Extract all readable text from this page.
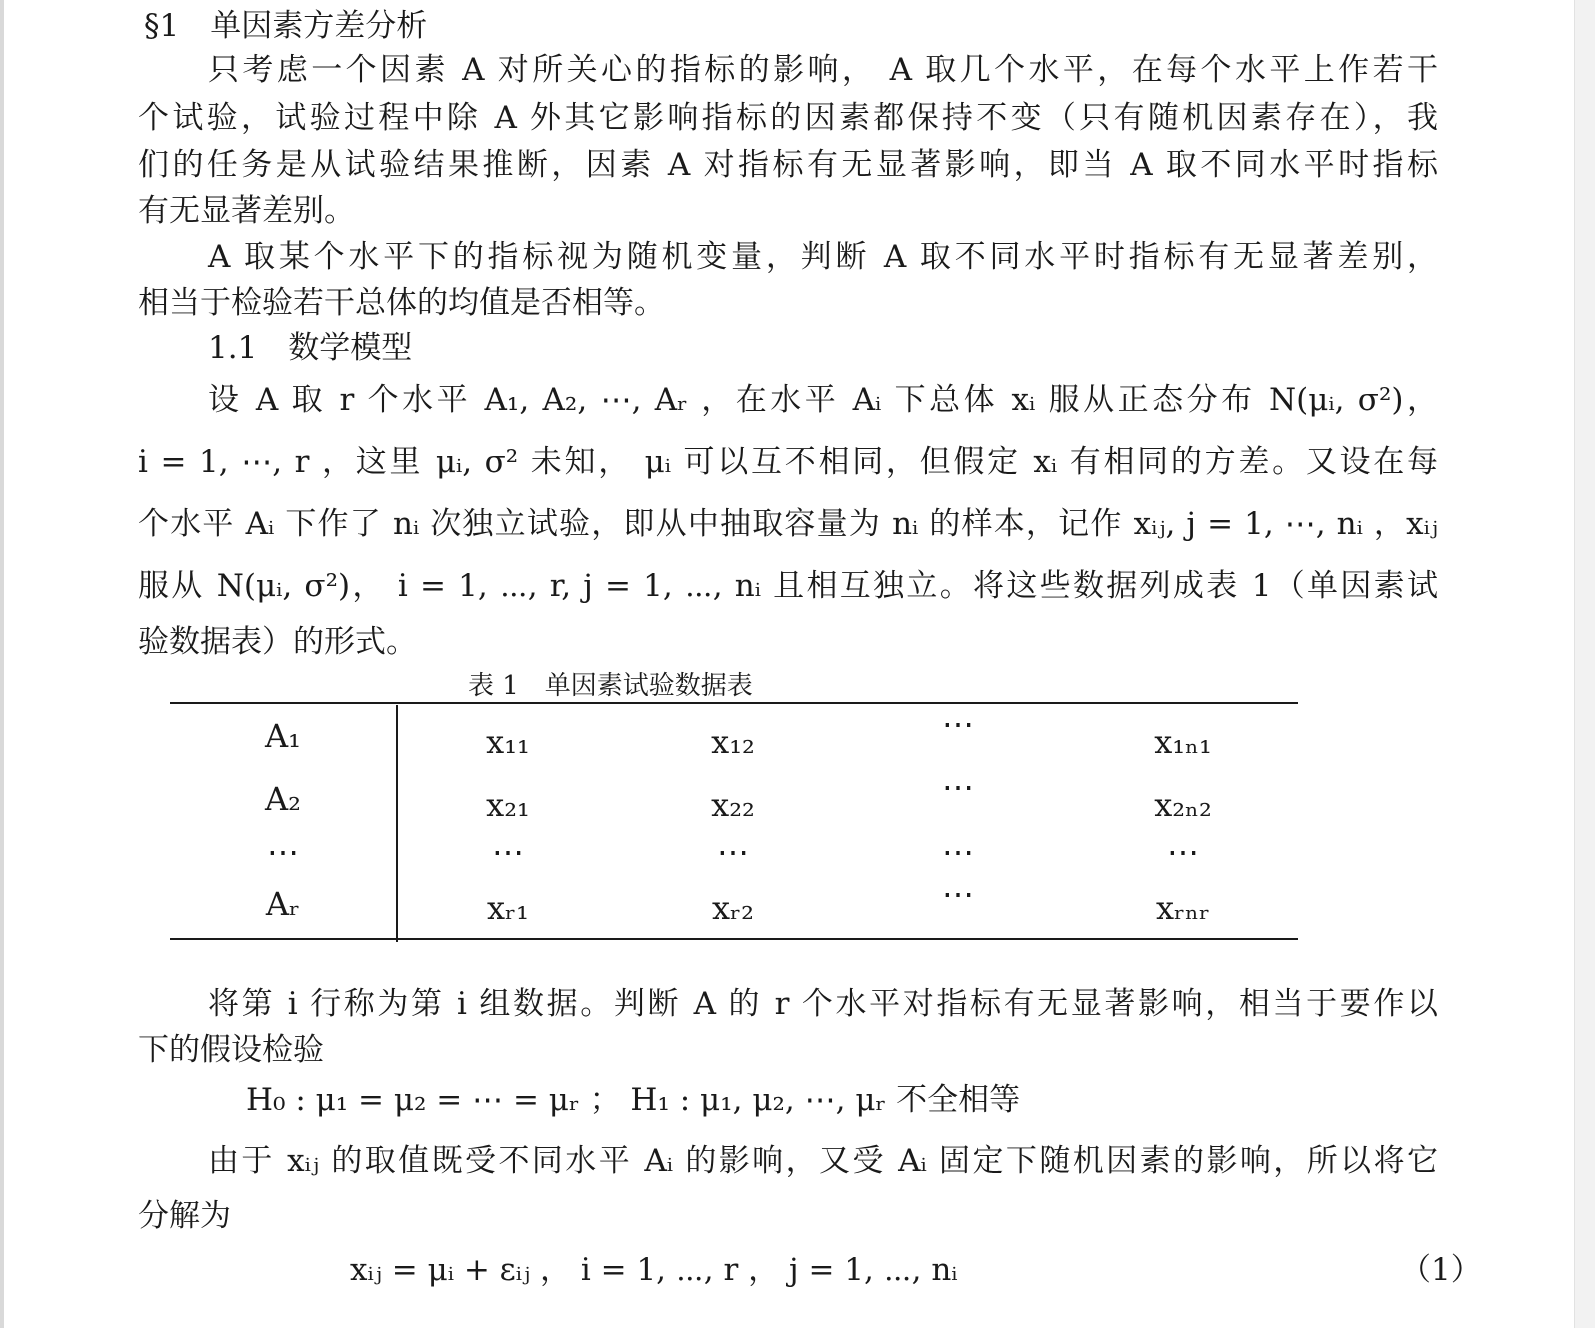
§1　单因素方差分析
只考虑一个因素 A 对所关心的指标的影响， A 取几个水平，在每个水平上作若干
个试验，试验过程中除 A 外其它影响指标的因素都保持不变（只有随机因素存在），我
们的任务是从试验结果推断，因素 A 对指标有无显著影响，即当 A 取不同水平时指标
有无显著差别。
A 取某个水平下的指标视为随机变量，判断 A 取不同水平时指标有无显著差别，
相当于检验若干总体的均值是否相等。
1.1　数学模型
设 A 取 r 个水平 A₁, A₂, ⋯, Aᵣ ，在水平 Aᵢ 下总体 xᵢ 服从正态分布 N(μᵢ, σ²)，
i = 1, ⋯, r ，这里 μᵢ, σ² 未知， μᵢ 可以互不相同，但假定 xᵢ 有相同的方差。又设在每
个水平 Aᵢ 下作了 nᵢ 次独立试验，即从中抽取容量为 nᵢ 的样本，记作 xᵢⱼ, j = 1, ⋯, nᵢ ，xᵢⱼ
服从 N(μᵢ, σ²)， i = 1, ⋯, r, j = 1, ⋯, nᵢ 且相互独立。将这些数据列成表 1（单因素试
验数据表）的形式。
表 1　单因素试验数据表
A₁	x₁₁	x₁₂	⋯	x₁ₙ₁
A₂	x₂₁	x₂₂	⋯	x₂ₙ₂
⋯	⋯	⋯	⋯	⋯
Aᵣ	xᵣ₁	xᵣ₂	⋯	xᵣₙᵣ
将第 i 行称为第 i 组数据。判断 A 的 r 个水平对指标有无显著影响，相当于要作以
下的假设检验
H₀ : μ₁ = μ₂ = ⋯ = μᵣ ； H₁ : μ₁, μ₂, ⋯, μᵣ 不全相等
由于 xᵢⱼ 的取值既受不同水平 Aᵢ 的影响，又受 Aᵢ 固定下随机因素的影响，所以将它
分解为
xᵢⱼ = μᵢ + εᵢⱼ ， i = 1, ⋯, r ， j = 1, ⋯, nᵢ	（1）
